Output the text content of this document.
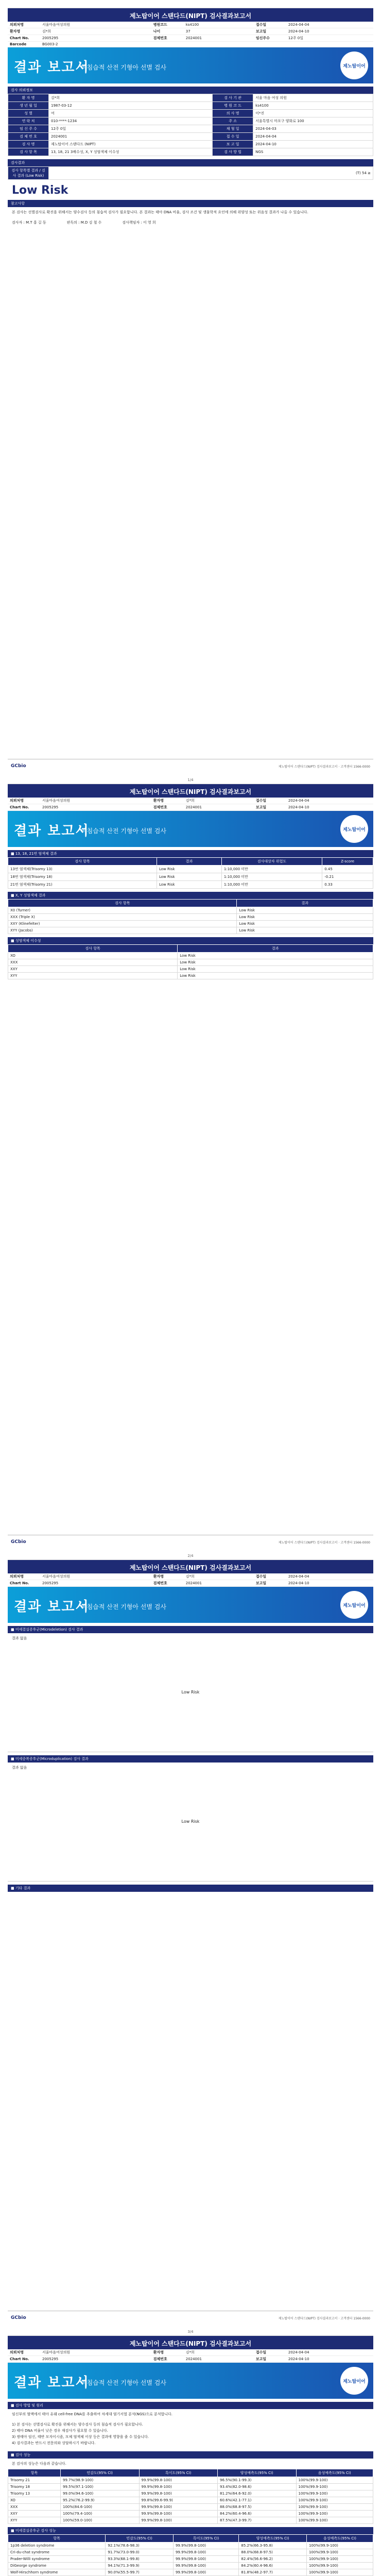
제노탑이어 스탠다드(NIPT) 검사결과보고서
의뢰처명	서울마음여성의원	병원코드	ks4100	접수일	2024-04-04
환자명	김*희	나이	37	보고일	2024-04-10
Chart No.	2005295	검체번호	2024001	임신주수	12주 0일
Barcode	BG003-2				
결과 보고서
비침습적 산전 기형아 선별 검사	제노탑이어
검사 의뢰정보
환 자 명	김*희	검 사 기 관	서울 마음 여성 의원
생 년 월 일	1987-03-12	병 원 코 드	ks4100
성 별	여	의 사 명	이*진
연 락 처	010-****-1234	주 소	서울특별시 마포구 양화로 100
임 신 주 수	12주 0일	채 혈 일	2024-04-03
검 체 번 호	2024001	접 수 일	2024-04-04
검 사 명	제노탑이어 스탠다드 (NIPT)	보 고 일	2024-04-10
검 사 항 목	13, 18, 21 3배수성, X, Y 성염색체 이수성	검 사 방 법	NGS
검사결과
검사 항목별 결과 / 검사 결과 (Low Risk)	(T) 54 ≥
Low Risk
참고사항
본 검사는 선별검사로 확진을 위해서는 양수검사 등의 침습적 검사가 필요합니다. 본 결과는 태아 DNA 비율, 검사 조건 및 생물학적 요인에 의해 위양성 또는 위음성 결과가 나올 수 있습니다.
검사자 : M.T 홍 길 동	판독의 : M.D 김 철 수	검사책임자 : 이 영 희
GCbio	제노탑이어 스탠다드(NIPT) 검사결과보고서 · 고객센터 1566-0000
1/4
제노탑이어 스탠다드(NIPT) 검사결과보고서
의뢰처명	서울마음여성의원	환자명	김*희	접수일	2024-04-04
Chart No.	2005295	검체번호	2024001	보고일	2024-04-10
결과 보고서
비침습적 산전 기형아 선별 검사	제노탑이어
■ 13, 18, 21번 염색체 결과
검사 항목	결과	검사대상자 위험도	Z-score
13번 염색체(Trisomy 13)	Low Risk	1:10,000 미만	0.45
18번 염색체(Trisomy 18)	Low Risk	1:10,000 미만	-0.21
21번 염색체(Trisomy 21)	Low Risk	1:10,000 미만	0.33
■ X, Y 성염색체 결과
검사 항목	결과
X0 (Turner)	Low Risk
XXX (Triple X)	Low Risk
XXY (Klinefelter)	Low Risk
XYY (Jacobs)	Low Risk
■ 성염색체 이수성
검사 항목	결과
XO	Low Risk
XXX	Low Risk
XXY	Low Risk
XYY	Low Risk
GCbio	제노탑이어 스탠다드(NIPT) 검사결과보고서 · 고객센터 1566-0000
2/4
제노탑이어 스탠다드(NIPT) 검사결과보고서
의뢰처명	서울마음여성의원	환자명	김*희	접수일	2024-04-04
Chart No.	2005295	검체번호	2024001	보고일	2024-04-10
결과 보고서
비침습적 산전 기형아 선별 검사	제노탑이어
■ 미세결실증후군(Microdeletion) 검사 결과
결과 없음
Low Risk
■ 미세중복증후군(Microduplication) 검사 결과
결과 없음
Low Risk
■ 기타 결과
GCbio	제노탑이어 스탠다드(NIPT) 검사결과보고서 · 고객센터 1566-0000
3/4
제노탑이어 스탠다드(NIPT) 검사결과보고서
의뢰처명	서울마음여성의원	환자명	김*희	접수일	2024-04-04
Chart No.	2005295	검체번호	2024001	보고일	2024-04-10
결과 보고서
비침습적 산전 기형아 선별 검사	제노탑이어
■ 검사 방법 및 원리
임신부의 혈액에서 태아 유래 cell-free DNA를 추출하여 차세대 염기서열 분석(NGS)으로 분석합니다.
1) 본 검사는 선별검사로 확진을 위해서는 양수검사 등의 침습적 검사가 필요합니다.
2) 태아 DNA 비율이 낮은 경우 재검사가 필요할 수 있습니다.
3) 쌍태아 임신, 태반 모자이시즘, 모체 염색체 이상 등은 결과에 영향을 줄 수 있습니다.
4) 검사결과는 반드시 전문의와 상담하시기 바랍니다.
■ 검사 성능
본 검사의 성능은 다음과 같습니다.
항목	민감도(95% CI)	특이도(95% CI)	양성예측도(95% CI)	음성예측도(95% CI)
Trisomy 21	99.7%(98.9-100)	99.9%(99.8-100)	96.5%(90.1-99.3)	100%(99.9-100)
Trisomy 18	99.5%(97.1-100)	99.9%(99.8-100)	93.4%(82.0-98.6)	100%(99.9-100)
Trisomy 13	99.0%(94.6-100)	99.9%(99.8-100)	81.2%(64.6-92.0)	100%(99.9-100)
XO	95.2%(76.2-99.9)	99.8%(99.6-99.9)	60.6%(42.1-77.1)	100%(99.9-100)
XXX	100%(84.6-100)	99.9%(99.8-100)	88.0%(68.8-97.5)	100%(99.9-100)
XXY	100%(79.4-100)	99.9%(99.8-100)	84.2%(60.4-96.6)	100%(99.9-100)
XYY	100%(59.0-100)	99.9%(99.8-100)	87.5%(47.3-99.7)	100%(99.9-100)
■ 미세결실증후군 검사 성능
항목	민감도(95% CI)	특이도(95% CI)	양성예측도(95% CI)	음성예측도(95% CI)
1p36 deletion syndrome	92.1%(78.6-98.3)	99.9%(99.8-100)	85.2%(66.3-95.8)	100%(99.9-100)
Cri-du-chat syndrome	91.7%(73.0-99.0)	99.9%(99.8-100)	88.0%(68.8-97.5)	100%(99.9-100)
Prader-Willi syndrome	93.3%(68.1-99.8)	99.9%(99.8-100)	82.4%(56.6-96.2)	100%(99.9-100)
DiGeorge syndrome	94.1%(71.3-99.9)	99.9%(99.8-100)	84.2%(60.4-96.6)	100%(99.9-100)
Wolf-Hirschhorn syndrome	90.0%(55.5-99.7)	99.9%(99.8-100)	81.8%(48.2-97.7)	100%(99.9-100)
